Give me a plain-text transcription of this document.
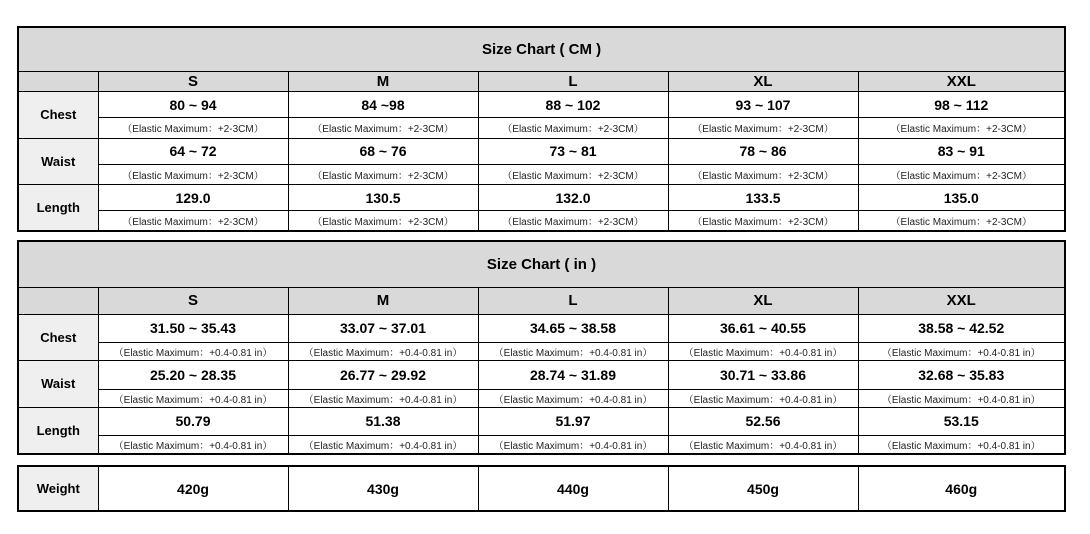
Size Chart ( CM )					
	S	M	L	XL	XXL
Chest	80 ~ 94	84 ~98	88 ~ 102	93 ~ 107	98 ~ 112
	（Elastic Maximum：+2-3CM）	（Elastic Maximum：+2-3CM）	（Elastic Maximum：+2-3CM）	（Elastic Maximum：+2-3CM）	（Elastic Maximum：+2-3CM）
Waist	64 ~ 72	68 ~ 76	73 ~ 81	78 ~ 86	83 ~ 91
	（Elastic Maximum：+2-3CM）	（Elastic Maximum：+2-3CM）	（Elastic Maximum：+2-3CM）	（Elastic Maximum：+2-3CM）	（Elastic Maximum：+2-3CM）
Length	129.0	130.5	132.0	133.5	135.0
	（Elastic Maximum：+2-3CM）	（Elastic Maximum：+2-3CM）	（Elastic Maximum：+2-3CM）	（Elastic Maximum：+2-3CM）	（Elastic Maximum：+2-3CM）
Size Chart ( in )					
	S	M	L	XL	XXL
Chest	31.50 ~ 35.43	33.07 ~ 37.01	34.65 ~ 38.58	36.61 ~ 40.55	38.58 ~ 42.52
	（Elastic Maximum：+0.4-0.81 in）	（Elastic Maximum：+0.4-0.81 in）	（Elastic Maximum：+0.4-0.81 in）	（Elastic Maximum：+0.4-0.81 in）	（Elastic Maximum：+0.4-0.81 in）
Waist	25.20 ~ 28.35	26.77 ~ 29.92	28.74 ~ 31.89	30.71 ~ 33.86	32.68 ~ 35.83
	（Elastic Maximum：+0.4-0.81 in）	（Elastic Maximum：+0.4-0.81 in）	（Elastic Maximum：+0.4-0.81 in）	（Elastic Maximum：+0.4-0.81 in）	（Elastic Maximum：+0.4-0.81 in）
Length	50.79	51.38	51.97	52.56	53.15
	（Elastic Maximum：+0.4-0.81 in）	（Elastic Maximum：+0.4-0.81 in）	（Elastic Maximum：+0.4-0.81 in）	（Elastic Maximum：+0.4-0.81 in）	（Elastic Maximum：+0.4-0.81 in）
Weight	420g	430g	440g	450g	460g
